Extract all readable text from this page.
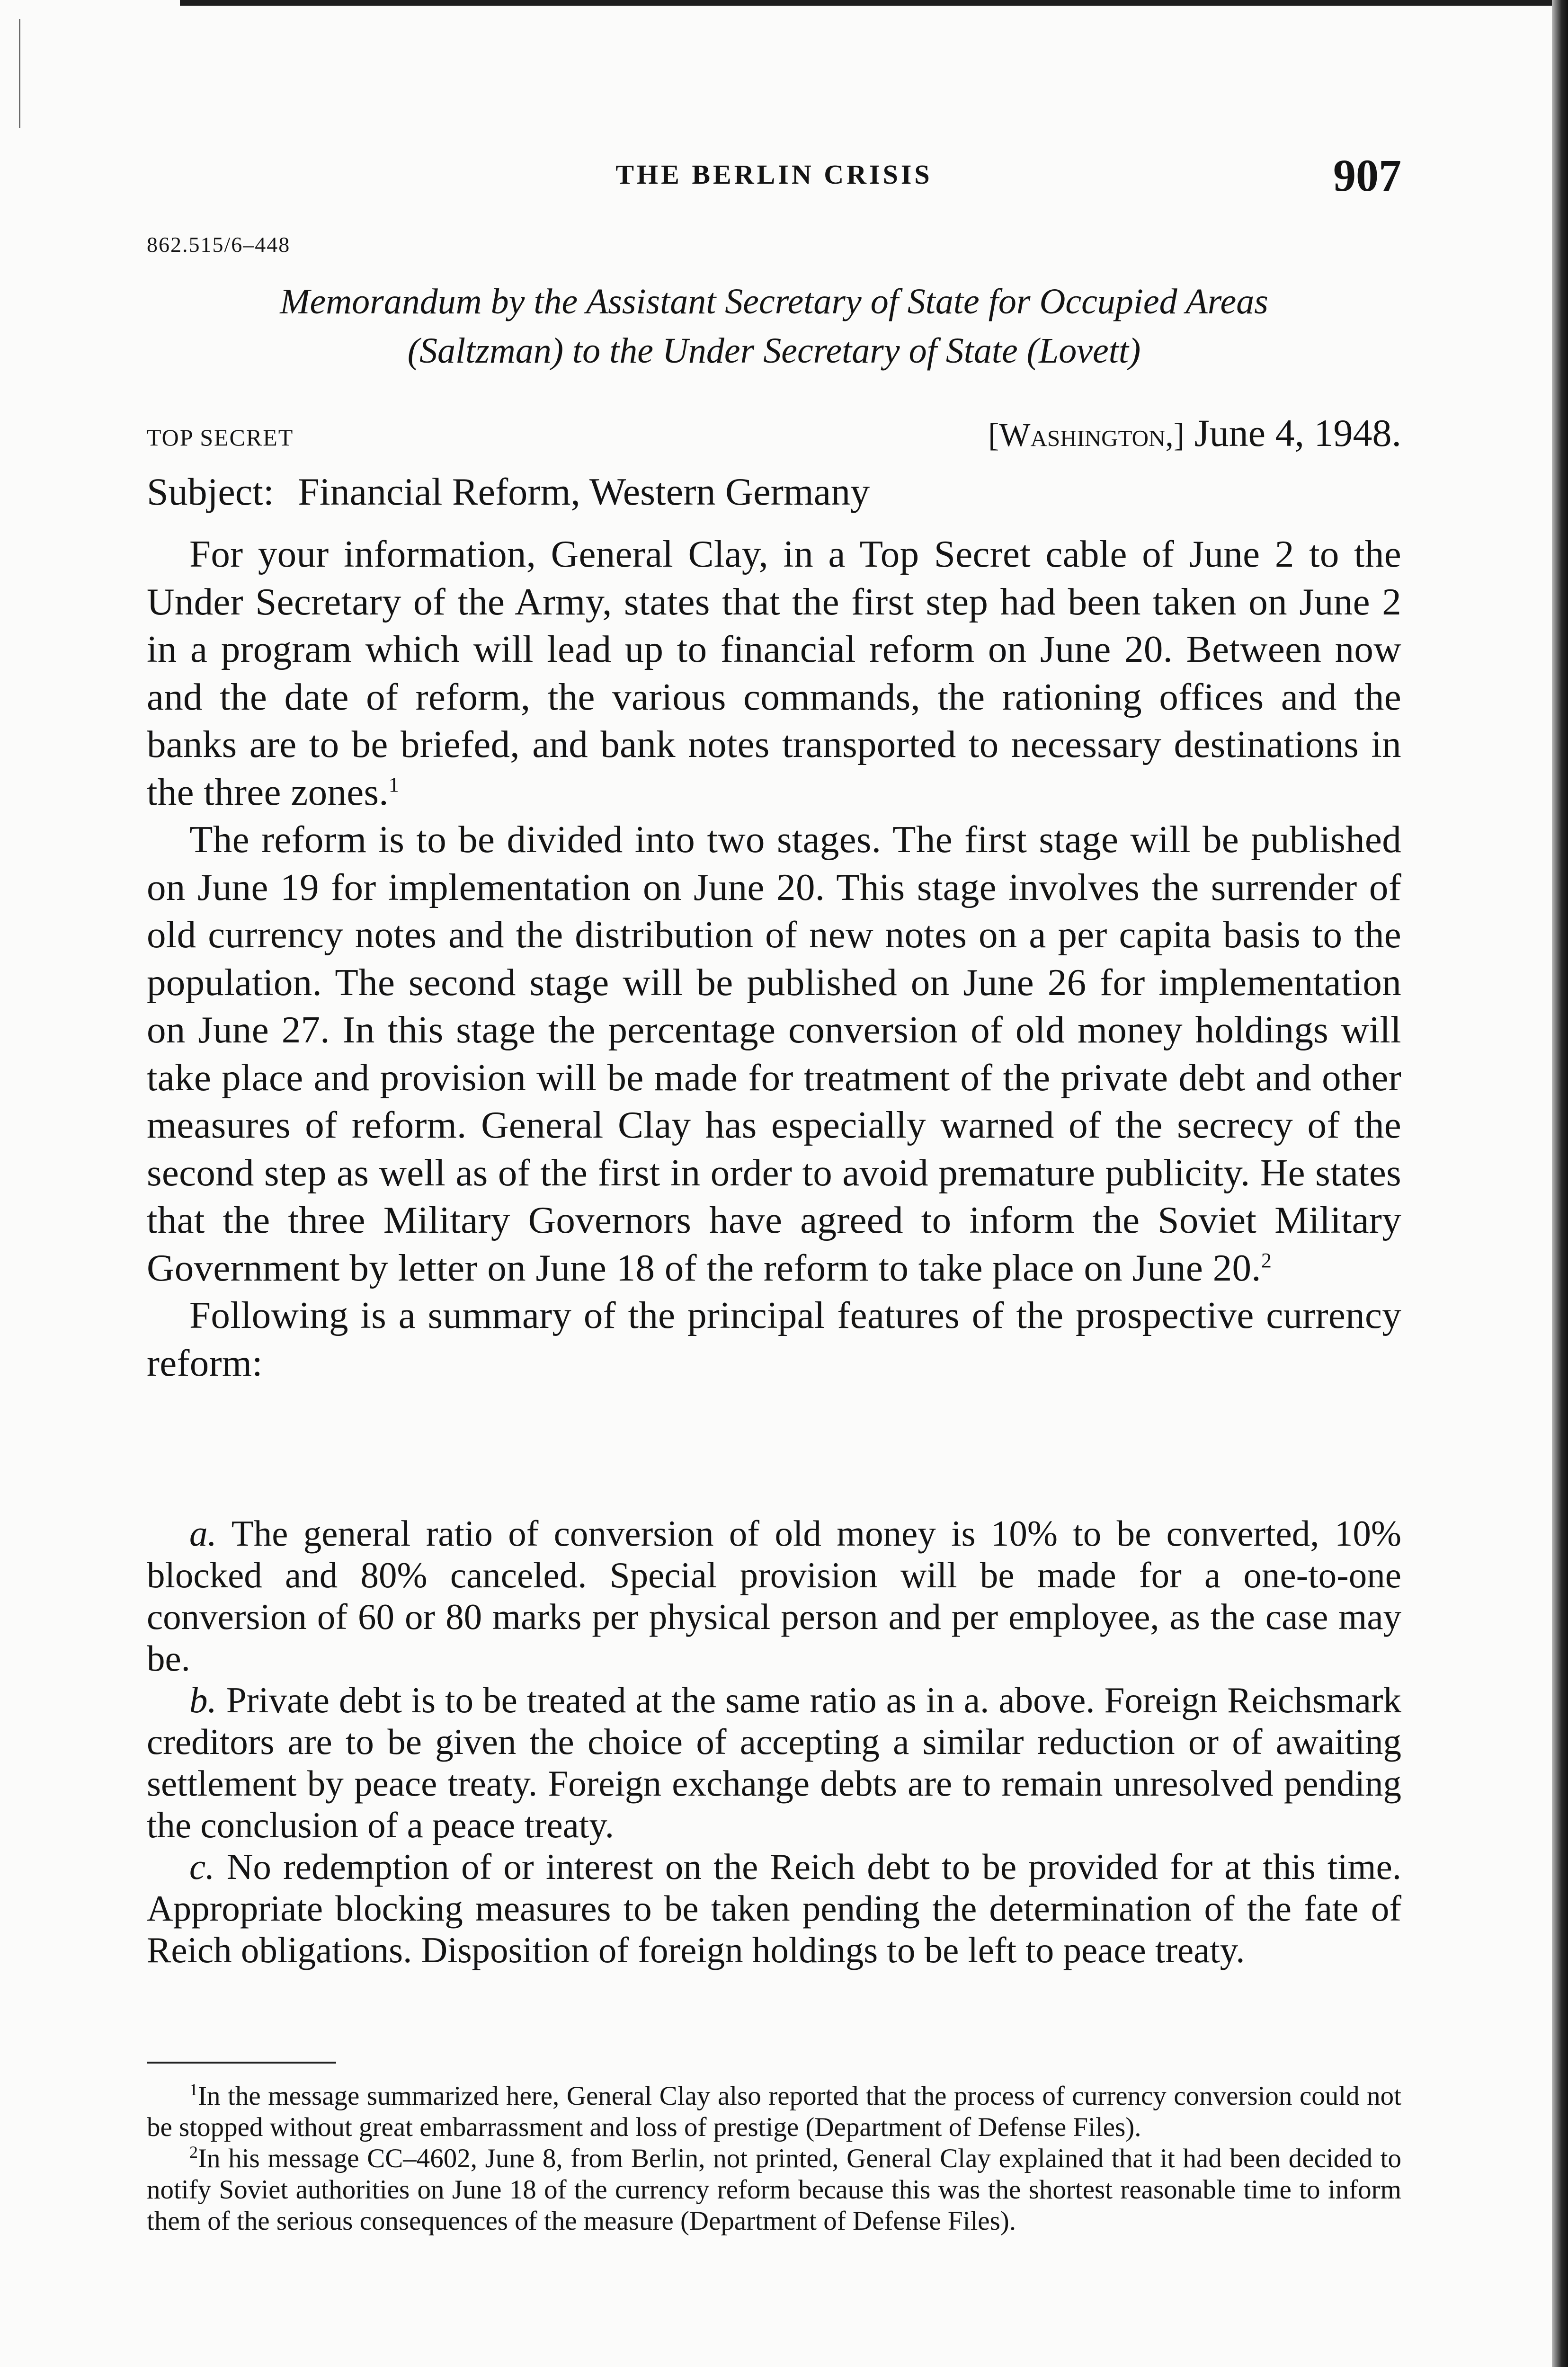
THE BERLIN CRISIS	907
862.515/6–448
Memorandum by the Assistant Secretary of State for Occupied Areas
(Saltzman) to the Under Secretary of State (Lovett)
TOP SECRET	[Washington,] June 4, 1948.
Subject: Financial Reform, Western Germany

For your information, General Clay, in a Top Secret cable of June 2 to the Under Secretary of the Army, states that the first step had been taken on June 2 in a program which will lead up to financial reform on June 20. Between now and the date of reform, the various commands, the rationing offices and the banks are to be briefed, and bank notes transported to necessary destinations in the three zones.$^1$

The reform is to be divided into two stages. The first stage will be published on June 19 for implementation on June 20. This stage involves the surrender of old currency notes and the distribution of new notes on a per capita basis to the population. The second stage will be published on June 26 for implementation on June 27. In this stage the percentage conversion of old money holdings will take place and provision will be made for treatment of the private debt and other measures of reform. General Clay has especially warned of the secrecy of the second step as well as of the first in order to avoid premature publicity. He states that the three Military Governors have agreed to inform the Soviet Military Government by letter on June 18 of the reform to take place on June 20.$^2$

Following is a summary of the principal features of the prospective currency reform:

a. The general ratio of conversion of old money is 10% to be converted, 10% blocked and 80% canceled. Special provision will be made for a one-to-one conversion of 60 or 80 marks per physical person and per employee, as the case may be.

b. Private debt is to be treated at the same ratio as in a. above. Foreign Reichsmark creditors are to be given the choice of accepting a similar reduction or of awaiting settlement by peace treaty. Foreign exchange debts are to remain unresolved pending the conclusion of a peace treaty.

c. No redemption of or interest on the Reich debt to be provided for at this time. Appropriate blocking measures to be taken pending the determination of the fate of Reich obligations. Disposition of foreign holdings to be left to peace treaty.

$^1$In the message summarized here, General Clay also reported that the process of currency conversion could not be stopped without great embarrassment and loss of prestige (Department of Defense Files).

$^2$In his message CC–4602, June 8, from Berlin, not printed, General Clay explained that it had been decided to notify Soviet authorities on June 18 of the currency reform because this was the shortest reasonable time to inform them of the serious consequences of the measure (Department of Defense Files).
